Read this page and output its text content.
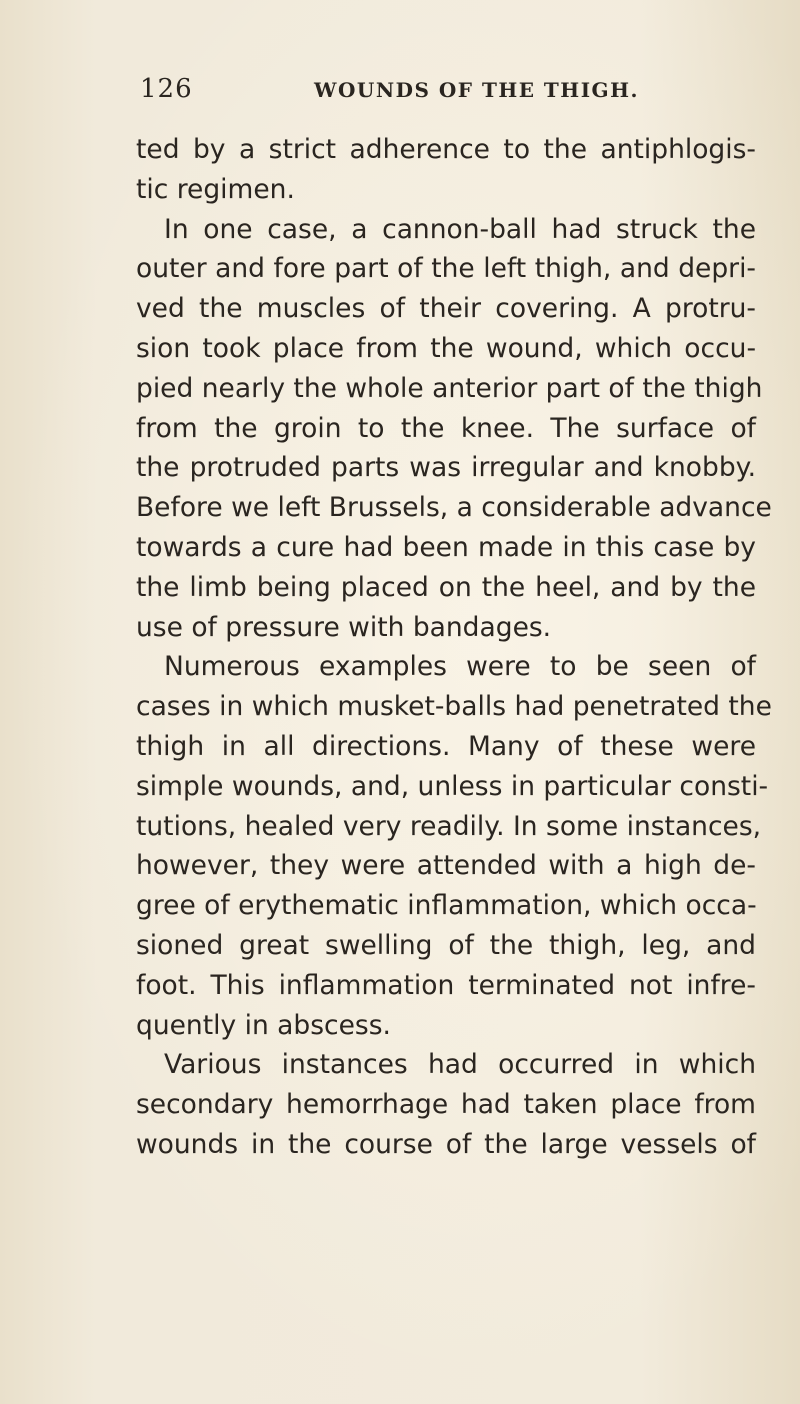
126	WOUNDS OF THE THIGH.
ted by a strict adherence to the antiphlogis-
tic regimen.
In one case, a cannon-ball had struck the
outer and fore part of the left thigh, and depri-
ved the muscles of their covering. A protru-
sion took place from the wound, which occu-
pied nearly the whole anterior part of the thigh
from the groin to the knee. The surface of
the protruded parts was irregular and knobby.
Before we left Brussels, a considerable advance
towards a cure had been made in this case by
the limb being placed on the heel, and by the
use of pressure with bandages.
Numerous examples were to be seen of
cases in which musket-balls had penetrated the
thigh in all directions. Many of these were
simple wounds, and, unless in particular consti-
tutions, healed very readily. In some instances,
however, they were attended with a high de-
gree of erythematic inflammation, which occa-
sioned great swelling of the thigh, leg, and
foot. This inflammation terminated not infre-
quently in abscess.
Various instances had occurred in which
secondary hemorrhage had taken place from
wounds in the course of the large vessels of
